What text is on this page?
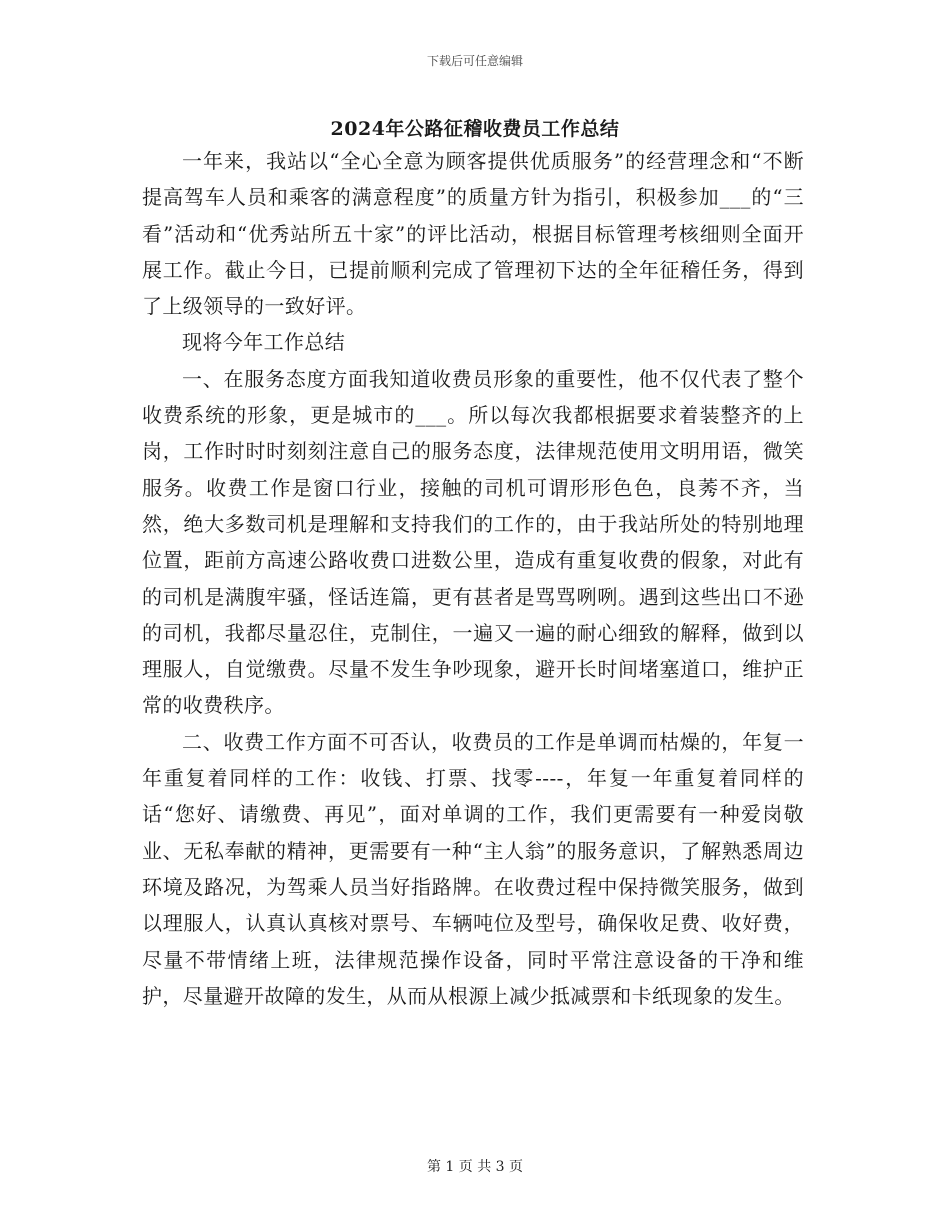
下载后可任意编辑
2024年公路征稽收费员工作总结

一年来，我站以“全心全意为顾客提供优质服务”的经营理念和“不断提高驾车人员和乘客的满意程度”的质量方针为指引，积极参加___的“三看”活动和“优秀站所五十家”的评比活动，根据目标管理考核细则全面开展工作。截止今日，已提前顺利完成了管理初下达的全年征稽任务，得到了上级领导的一致好评。

现将今年工作总结

一、在服务态度方面我知道收费员形象的重要性，他不仅代表了整个收费系统的形象，更是城市的___。所以每次我都根据要求着装整齐的上岗，工作时时时刻刻注意自己的服务态度，法律规范使用文明用语，微笑服务。收费工作是窗口行业，接触的司机可谓形形色色，良莠不齐，当然，绝大多数司机是理解和支持我们的工作的，由于我站所处的特别地理位置，距前方高速公路收费口进数公里，造成有重复收费的假象，对此有的司机是满腹牢骚，怪话连篇，更有甚者是骂骂咧咧。遇到这些出口不逊的司机，我都尽量忍住，克制住，一遍又一遍的耐心细致的解释，做到以理服人，自觉缴费。尽量不发生争吵现象，避开长时间堵塞道口，维护正常的收费秩序。

二、收费工作方面不可否认，收费员的工作是单调而枯燥的，年复一年重复着同样的工作：收钱、打票、找零----，年复一年重复着同样的话“您好、请缴费、再见”，面对单调的工作，我们更需要有一种爱岗敬业、无私奉献的精神，更需要有一种“主人翁”的服务意识，了解熟悉周边环境及路况，为驾乘人员当好指路牌。在收费过程中保持微笑服务，做到以理服人，认真认真核对票号、车辆吨位及型号，确保收足费、收好费，尽量不带情绪上班，法律规范操作设备，同时平常注意设备的干净和维护，尽量避开故障的发生，从而从根源上减少抵减票和卡纸现象的发生。

第 1 页 共 3 页
